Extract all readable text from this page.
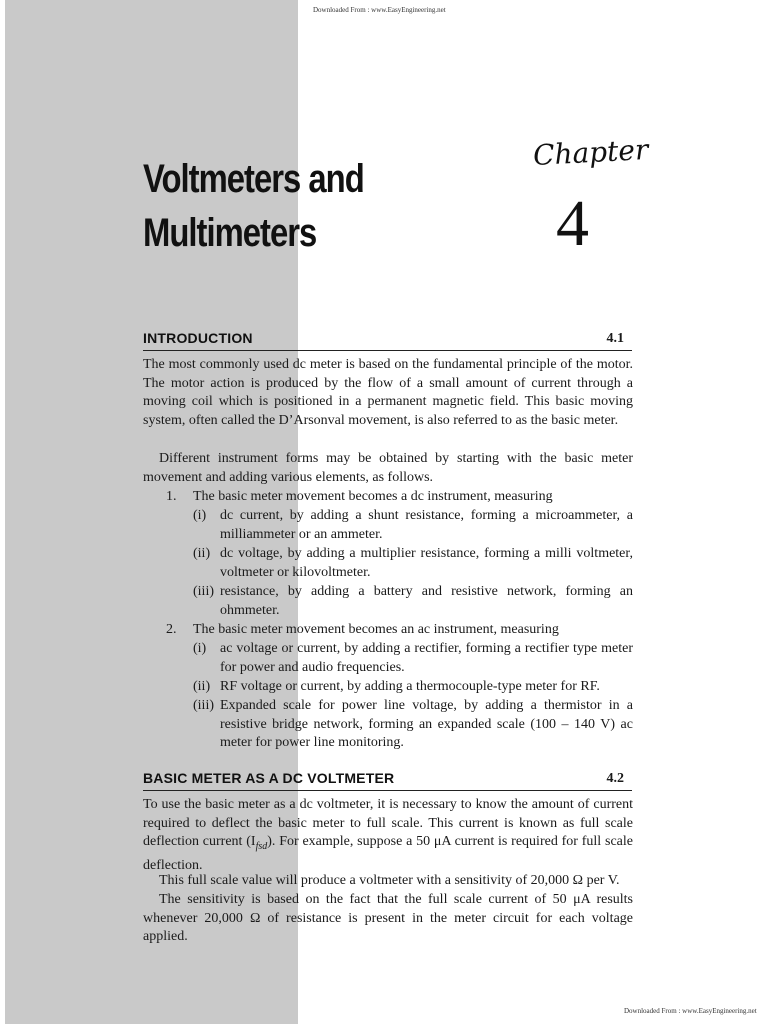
Downloaded From : www.EasyEngineering.net
Voltmeters and
Multimeters
Chapter
4
INTRODUCTION	4.1
The most commonly used dc meter is based on the fundamental principle of the motor. The motor action is produced by the flow of a small amount of current through a moving coil which is positioned in a permanent magnetic field. This basic moving system, often called the D’Arsonval movement, is also referred to as the basic meter.
Different instrument forms may be obtained by starting with the basic meter movement and adding various elements, as follows.
1. The basic meter movement becomes a dc instrument, measuring
(i) dc current, by adding a shunt resistance, forming a microammeter, a milliammeter or an ammeter.
(ii) dc voltage, by adding a multiplier resistance, forming a milli voltmeter, voltmeter or kilovoltmeter.
(iii) resistance, by adding a battery and resistive network, forming an ohmmeter.
2. The basic meter movement becomes an ac instrument, measuring
(i) ac voltage or current, by adding a rectifier, forming a rectifier type meter for power and audio frequencies.
(ii) RF voltage or current, by adding a thermocouple-type meter for RF.
(iii) Expanded scale for power line voltage, by adding a thermistor in a resistive bridge network, forming an expanded scale (100 – 140 V) ac meter for power line monitoring.
BASIC METER AS A DC VOLTMETER	4.2
To use the basic meter as a dc voltmeter, it is necessary to know the amount of current required to deflect the basic meter to full scale. This current is known as full scale deflection current $(I_{fsd})$. For example, suppose a 50 μA current is required for full scale deflection.
This full scale value will produce a voltmeter with a sensitivity of 20,000 Ω per V.
The sensitivity is based on the fact that the full scale current of 50 μA results whenever 20,000 Ω of resistance is present in the meter circuit for each voltage applied.
Downloaded From : www.EasyEngineering.net
